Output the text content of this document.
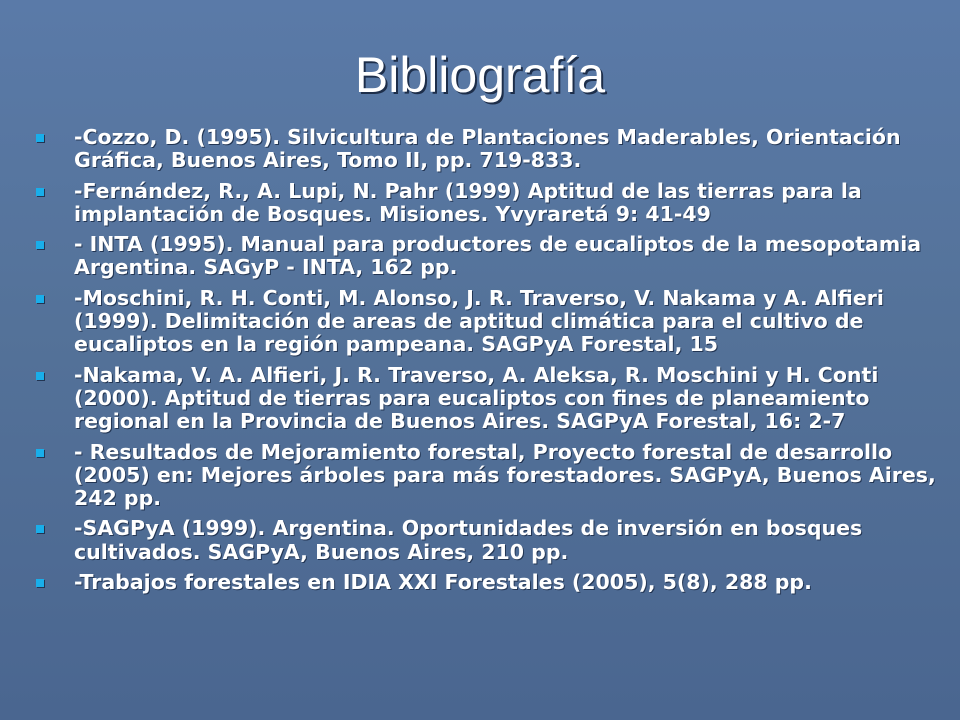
Bibliografía
-Cozzo, D. (1995). Silvicultura de Plantaciones Maderables, Orientación Gráfica, Buenos Aires, Tomo II, pp. 719-833.
-Fernández, R., A. Lupi, N. Pahr (1999) Aptitud de las tierras para la implantación de Bosques. Misiones. Yvyraretá 9: 41-49
- INTA (1995). Manual para productores de eucaliptos de la mesopotamia Argentina. SAGyP - INTA, 162 pp.
-Moschini, R. H. Conti, M. Alonso, J. R. Traverso, V. Nakama y A. Alfieri (1999). Delimitación de areas de aptitud climática para el cultivo de eucaliptos en la región pampeana. SAGPyA Forestal, 15
-Nakama, V. A. Alfieri, J. R. Traverso, A. Aleksa, R. Moschini y H. Conti (2000). Aptitud de tierras para eucaliptos con fines de planeamiento regional en la Provincia de Buenos Aires. SAGPyA Forestal, 16: 2-7
- Resultados de Mejoramiento forestal, Proyecto forestal de desarrollo (2005) en: Mejores árboles para más forestadores. SAGPyA, Buenos Aires, 242 pp.
-SAGPyA (1999). Argentina. Oportunidades de inversión en bosques cultivados. SAGPyA, Buenos Aires, 210 pp.
-Trabajos forestales en IDIA XXI Forestales (2005), 5(8), 288 pp.
